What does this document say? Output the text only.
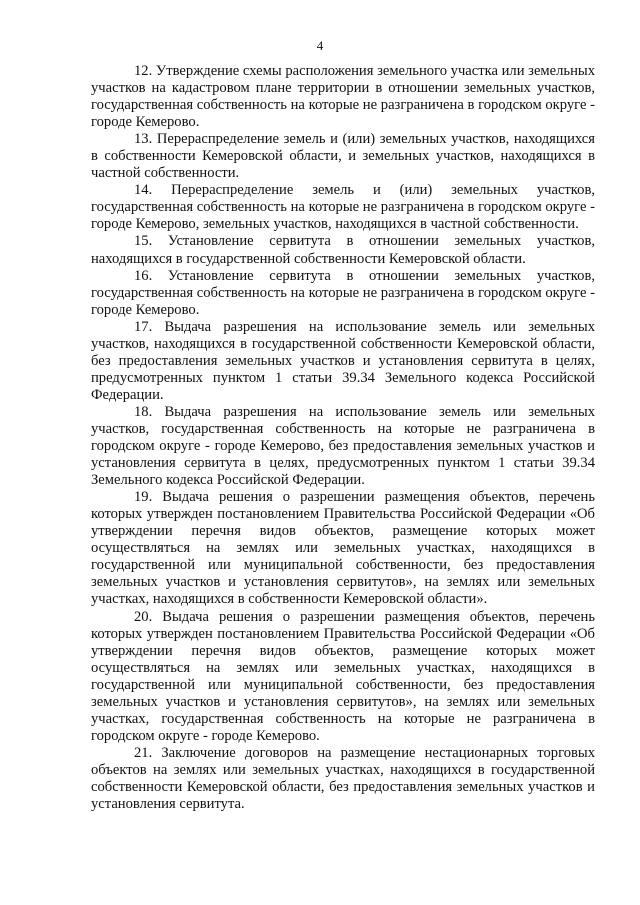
4

12. Утверждение схемы расположения земельного участка или земельных участков на кадастровом плане территории в отношении земельных участков, государственная собственность на которые не разграничена в городском округе - городе Кемерово.

13. Перераспределение земель и (или) земельных участков, находящихся в собственности Кемеровской области, и земельных участков, находящихся в частной собственности.

14. Перераспределение земель и (или) земельных участков, государственная собственность на которые не разграничена в городском округе - городе Кемерово, земельных участков, находящихся в частной собственности.

15. Установление сервитута в отношении земельных участков, находящихся в государственной собственности Кемеровской области.

16. Установление сервитута в отношении земельных участков, государственная собственность на которые не разграничена в городском округе - городе Кемерово.

17. Выдача разрешения на использование земель или земельных участков, находящихся в государственной собственности Кемеровской области, без предоставления земельных участков и установления сервитута в целях, предусмотренных пунктом 1 статьи 39.34 Земельного кодекса Российской Федерации.

18. Выдача разрешения на использование земель или земельных участков, государственная собственность на которые не разграничена в городском округе - городе Кемерово, без предоставления земельных участков и установления сервитута в целях, предусмотренных пунктом 1 статьи 39.34 Земельного кодекса Российской Федерации.

19. Выдача решения о разрешении размещения объектов, перечень которых утвержден постановлением Правительства Российской Федерации «Об утверждении перечня видов объектов, размещение которых может осуществляться на землях или земельных участках, находящихся в государственной или муниципальной собственности, без предоставления земельных участков и установления сервитутов», на землях или земельных участках, находящихся в собственности Кемеровской области».

20. Выдача решения о разрешении размещения объектов, перечень которых утвержден постановлением Правительства Российской Федерации «Об утверждении перечня видов объектов, размещение которых может осуществляться на землях или земельных участках, находящихся в государственной или муниципальной собственности, без предоставления земельных участков и установления сервитутов», на землях или земельных участках, государственная собственность на которые не разграничена в городском округе - городе Кемерово.

21. Заключение договоров на размещение нестационарных торговых объектов на землях или земельных участках, находящихся в государственной собственности Кемеровской области, без предоставления земельных участков и установления сервитута.
